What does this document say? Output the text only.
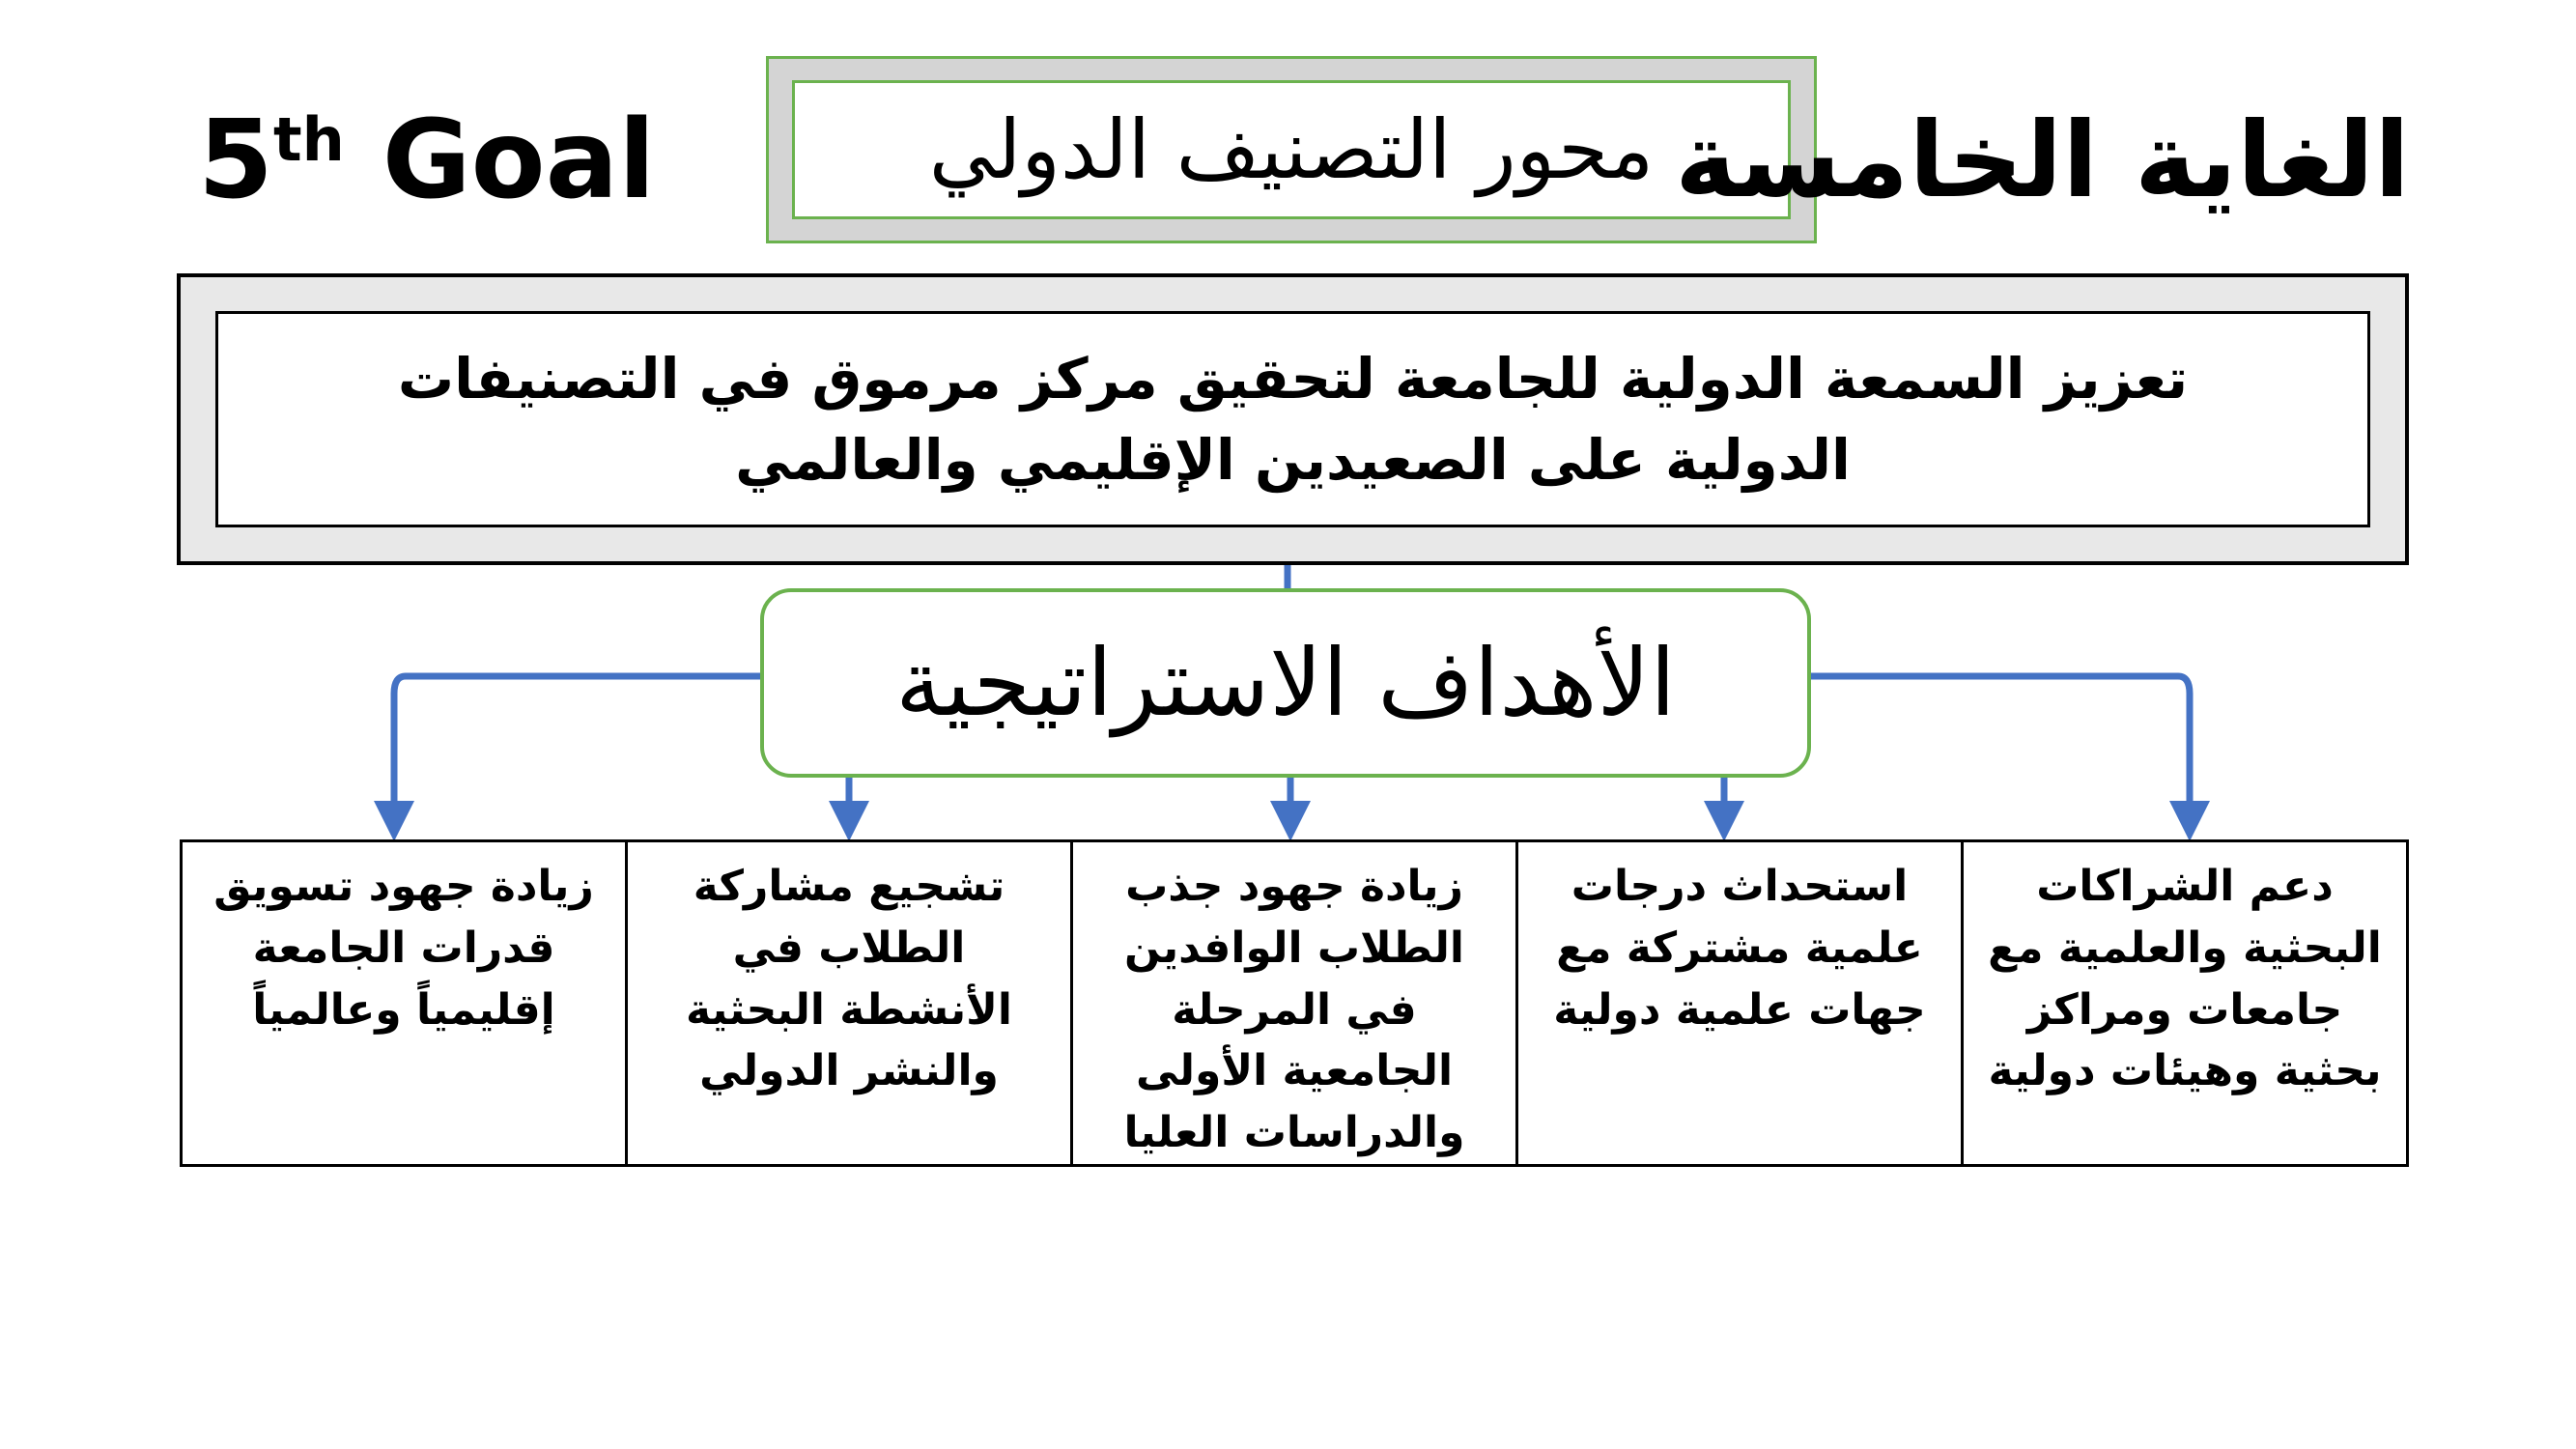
5th Goal	محور التصنيف الدولي الغاية الخامسة
تعزيز السمعة الدولية للجامعة لتحقيق مركز مرموق في التصنيفات الدولية على الصعيدين الإقليمي والعالمي
الأهداف الاستراتيجية
زيادة جهود تسويق قدرات الجامعة إقليمياً وعالمياً	تشجيع مشاركة الطلاب في الأنشطة البحثية والنشر الدولي	زيادة جهود جذب الطلاب الوافدين في المرحلة الجامعية الأولى والدراسات العليا	استحداث درجات علمية مشتركة مع جهات علمية دولية	دعم الشراكات البحثية والعلمية مع جامعات ومراكز بحثية وهيئات دولية
